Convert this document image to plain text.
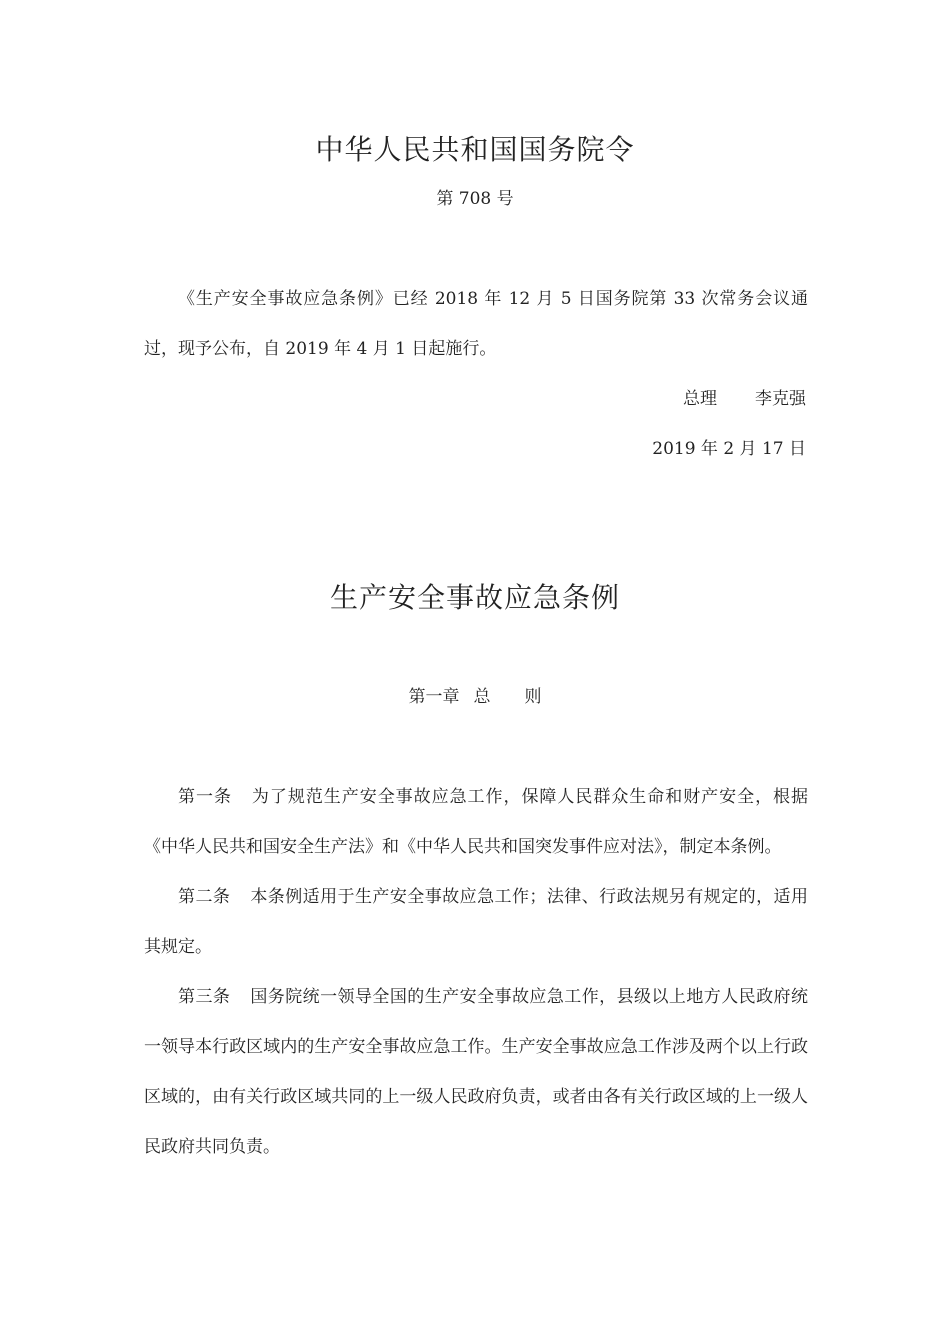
中华人民共和国国务院令
第 708 号

《生产安全事故应急条例》已经 2018 年 12 月 5 日国务院第 33 次常务会议通过，现予公布，自 2019 年 4 月 1 日起施行。

总理 李克强
2019 年 2 月 17 日
生产安全事故应急条例
第一章 总 则

第一条 为了规范生产安全事故应急工作，保障人民群众生命和财产安全，根据《中华人民共和国安全生产法》和《中华人民共和国突发事件应对法》，制定本条例。

第二条 本条例适用于生产安全事故应急工作；法律、行政法规另有规定的，适用其规定。

第三条 国务院统一领导全国的生产安全事故应急工作，县级以上地方人民政府统一领导本行政区域内的生产安全事故应急工作。生产安全事故应急工作涉及两个以上行政区域的，由有关行政区域共同的上一级人民政府负责，或者由各有关行政区域的上一级人民政府共同负责。
